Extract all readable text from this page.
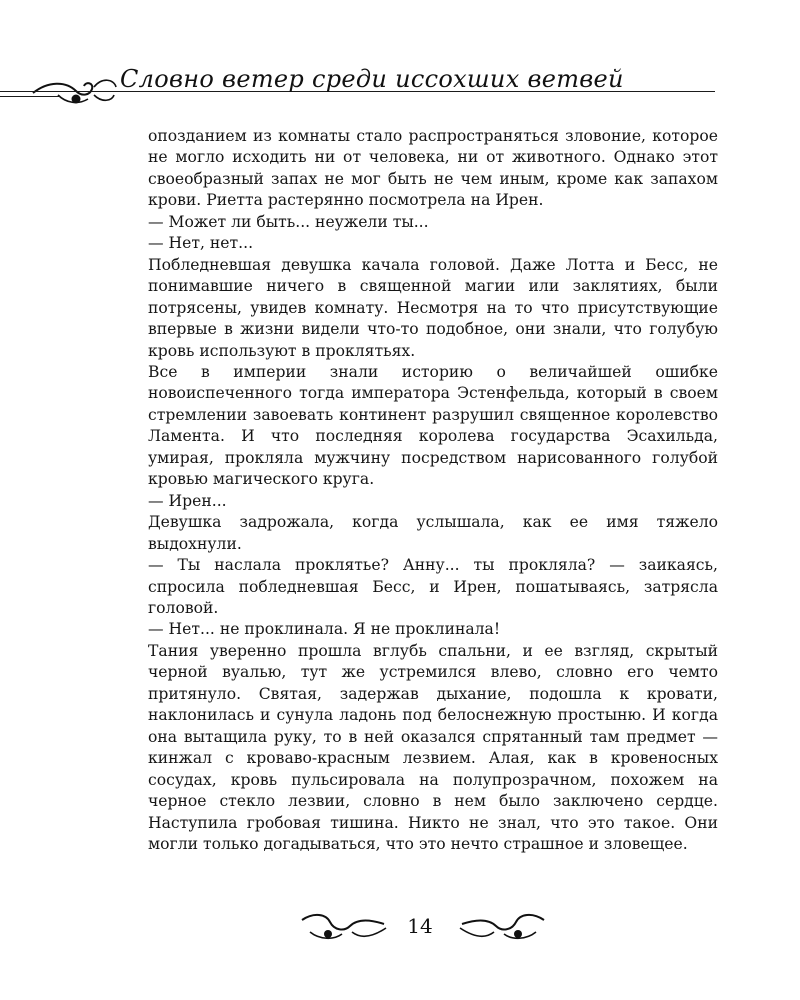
Словно ветер среди иссохших ветвей

опозданием из комнаты стало распространяться зловоние, которое не могло исходить ни от человека, ни от животного. Однако этот своеобразный запах не мог быть не чем иным, кроме как запахом крови. Риетта растерянно посмотрела на Ирен.

— Может ли быть... неужели ты...

— Нет, нет...

Побледневшая девушка качала головой. Даже Лотта и Бесс, не понимавшие ничего в священной магии или заклятиях, были потрясены, увидев комнату. Несмотря на то что присутствующие впервые в жизни видели что-то подобное, они знали, что голубую кровь используют в проклятьях.

Все в империи знали историю о величайшей ошибке новоиспеченного тогда императора Эстенфельда, который в своем стремлении завоевать континент разрушил священное королевство Ламента. И что последняя королева государства Эсахильда, умирая, прокляла мужчину посредством нарисованного голубой кровью магического круга.

— Ирен...

Девушка задрожала, когда услышала, как ее имя тяжело выдохнули.

— Ты наслала проклятье? Анну... ты прокляла? — заикаясь, спросила побледневшая Бесс, и Ирен, пошатываясь, затрясла головой.

— Нет... не проклинала. Я не проклинала!

Тания уверенно прошла вглубь спальни, и ее взгляд, скрытый черной вуалью, тут же устремился влево, словно его чемто притянуло. Святая, задержав дыхание, подошла к кровати, наклонилась и сунула ладонь под белоснежную простыню. И когда она вытащила руку, то в ней оказался спрятанный там предмет — кинжал с кроваво-красным лезвием. Алая, как в кровеносных сосудах, кровь пульсировала на полупрозрачном, похожем на черное стекло лезвии, словно в нем было заключено сердце. Наступила гробовая тишина. Никто не знал, что это такое. Они могли только догадываться, что это нечто страшное и зловещее.

14
